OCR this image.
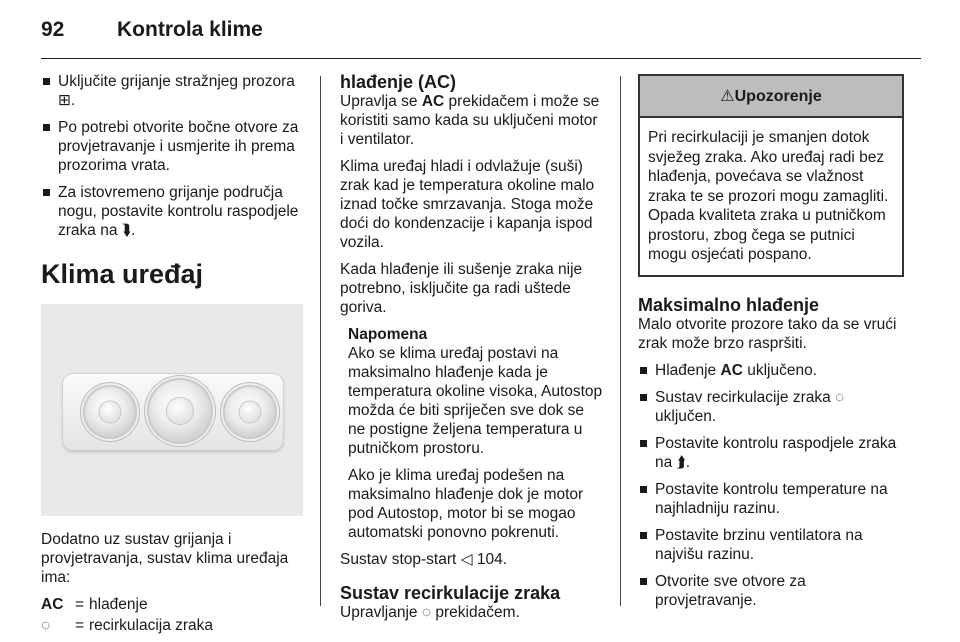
92	Kontrola klime
Uključite grijanje stražnjeg prozora ⊞.
Po potrebi otvorite bočne otvore za provjetravanje i usmjerite ih prema prozorima vrata.
Za istovremeno grijanje područja nogu, postavite kontrolu raspodjele zraka na ⮯.
Klima uređaj

Dodatno uz sustav grijanja i provjetravanja, sustav klima uređaja ima:

AC = hlađenje
◌	= recirkulacija zraka
hlađenje (AC)

Upravlja se AC prekidačem i može se koristiti samo kada su uključeni motor i ventilator.

Klima uređaj hladi i odvlažuje (suši) zrak kad je temperatura okoline malo iznad točke smrzavanja. Stoga može doći do kondenzacije i kapanja ispod vozila.

Kada hlađenje ili sušenje zraka nije potrebno, isključite ga radi uštede goriva.

Napomena

Ako se klima uređaj postavi na maksimalno hlađenje kada je temperatura okoline visoka, Autostop možda će biti spriječen sve dok se ne postigne željena temperatura u putničkom prostoru.

Ako je klima uređaj podešen na maksimalno hlađenje dok je motor pod Autostop, motor bi se mogao automatski ponovno pokrenuti.

Sustav stop-start ◁ 104.

Sustav recirkulacije zraka

Upravljanje ◌ prekidačem.

⚠Upozorenje
Pri recirkulaciji je smanjen dotok svježeg zraka. Ako uređaj radi bez hlađenja, povećava se vlažnost zraka te se prozori mogu zamagliti. Opada kvaliteta zraka u putničkom prostoru, zbog čega se putnici mogu osjećati pospano.
Maksimalno hlađenje

Malo otvorite prozore tako da se vrući zrak može brzo raspršiti.

Hlađenje AC uključeno.
Sustav recirkulacije zraka ◌ uključen.
Postavite kontrolu raspodjele zraka na ⮭.
Postavite kontrolu temperature na najhladniju razinu.
Postavite brzinu ventilatora na najvišu razinu.
Otvorite sve otvore za provjetravanje.
